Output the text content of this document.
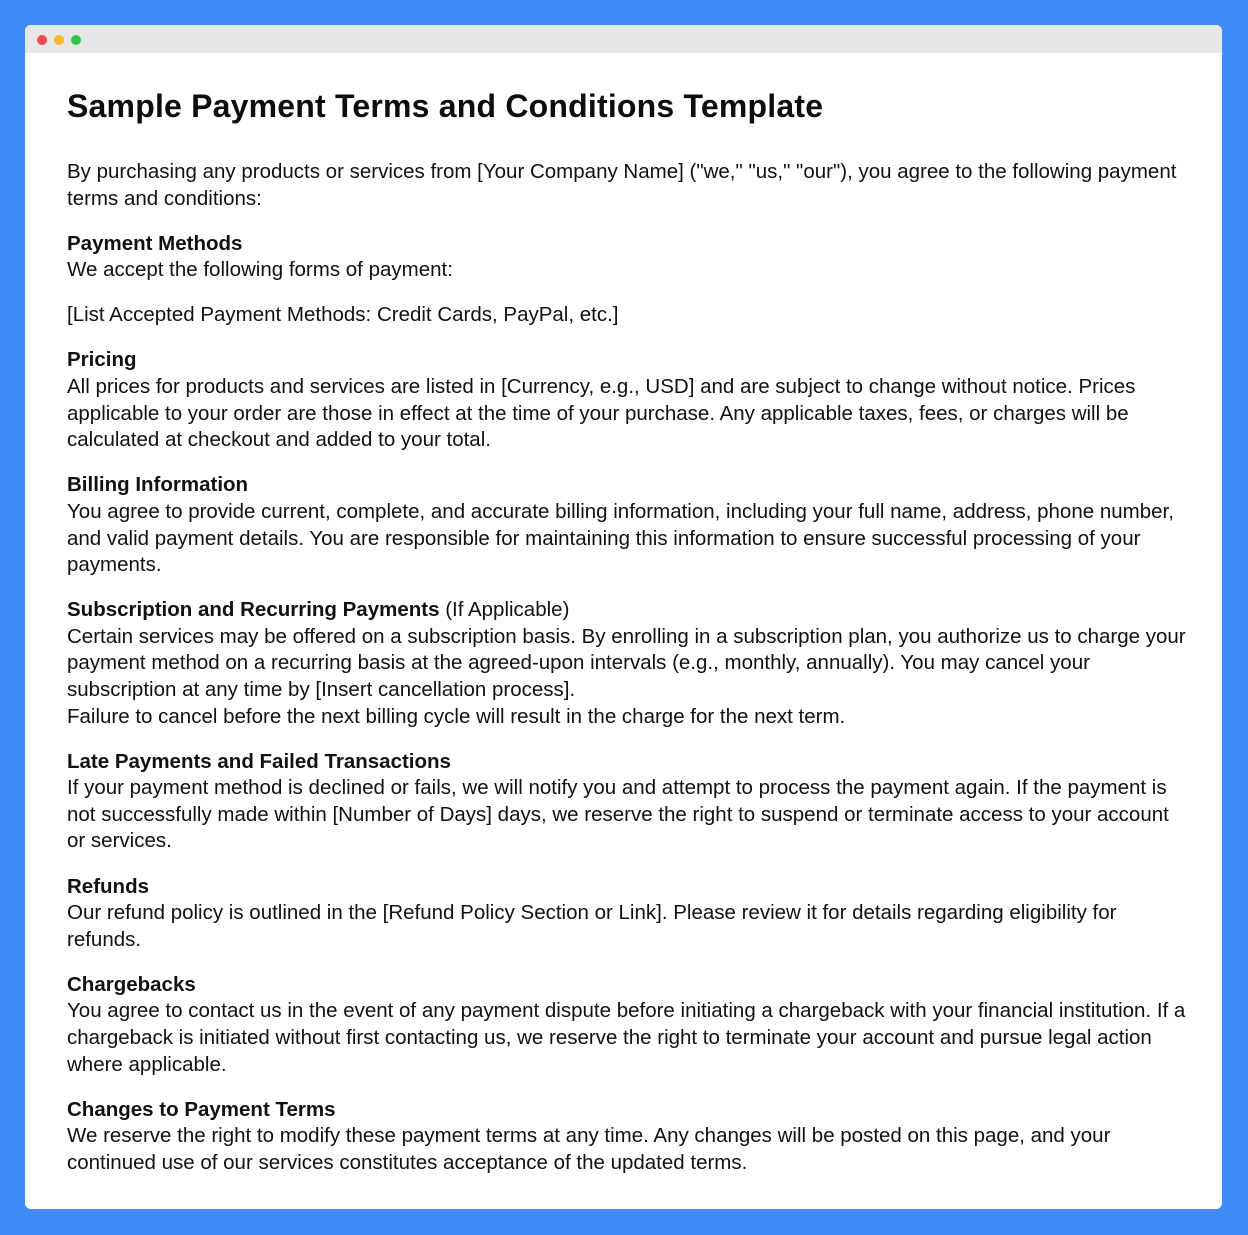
Sample Payment Terms and Conditions Template

By purchasing any products or services from [Your Company Name] ("we," "us," "our"), you agree to the following payment terms and conditions:

Payment Methods

We accept the following forms of payment:

[List Accepted Payment Methods: Credit Cards, PayPal, etc.]

Pricing

All prices for products and services are listed in [Currency, e.g., USD] and are subject to change without notice. Prices applicable to your order are those in effect at the time of your purchase. Any applicable taxes, fees, or charges will be calculated at checkout and added to your total.

Billing Information

You agree to provide current, complete, and accurate billing information, including your full name, address, phone number, and valid payment details. You are responsible for maintaining this information to ensure successful processing of your payments.

Subscription and Recurring Payments (If Applicable)

Certain services may be offered on a subscription basis. By enrolling in a subscription plan, you authorize us to charge your payment method on a recurring basis at the agreed-upon intervals (e.g., monthly, annually). You may cancel your subscription at any time by [Insert cancellation process].

Failure to cancel before the next billing cycle will result in the charge for the next term.

Late Payments and Failed Transactions

If your payment method is declined or fails, we will notify you and attempt to process the payment again. If the payment is not successfully made within [Number of Days] days, we reserve the right to suspend or terminate access to your account or services.

Refunds

Our refund policy is outlined in the [Refund Policy Section or Link]. Please review it for details regarding eligibility for refunds.

Chargebacks

You agree to contact us in the event of any payment dispute before initiating a chargeback with your financial institution. If a chargeback is initiated without first contacting us, we reserve the right to terminate your account and pursue legal action where applicable.

Changes to Payment Terms

We reserve the right to modify these payment terms at any time. Any changes will be posted on this page, and your continued use of our services constitutes acceptance of the updated terms.
